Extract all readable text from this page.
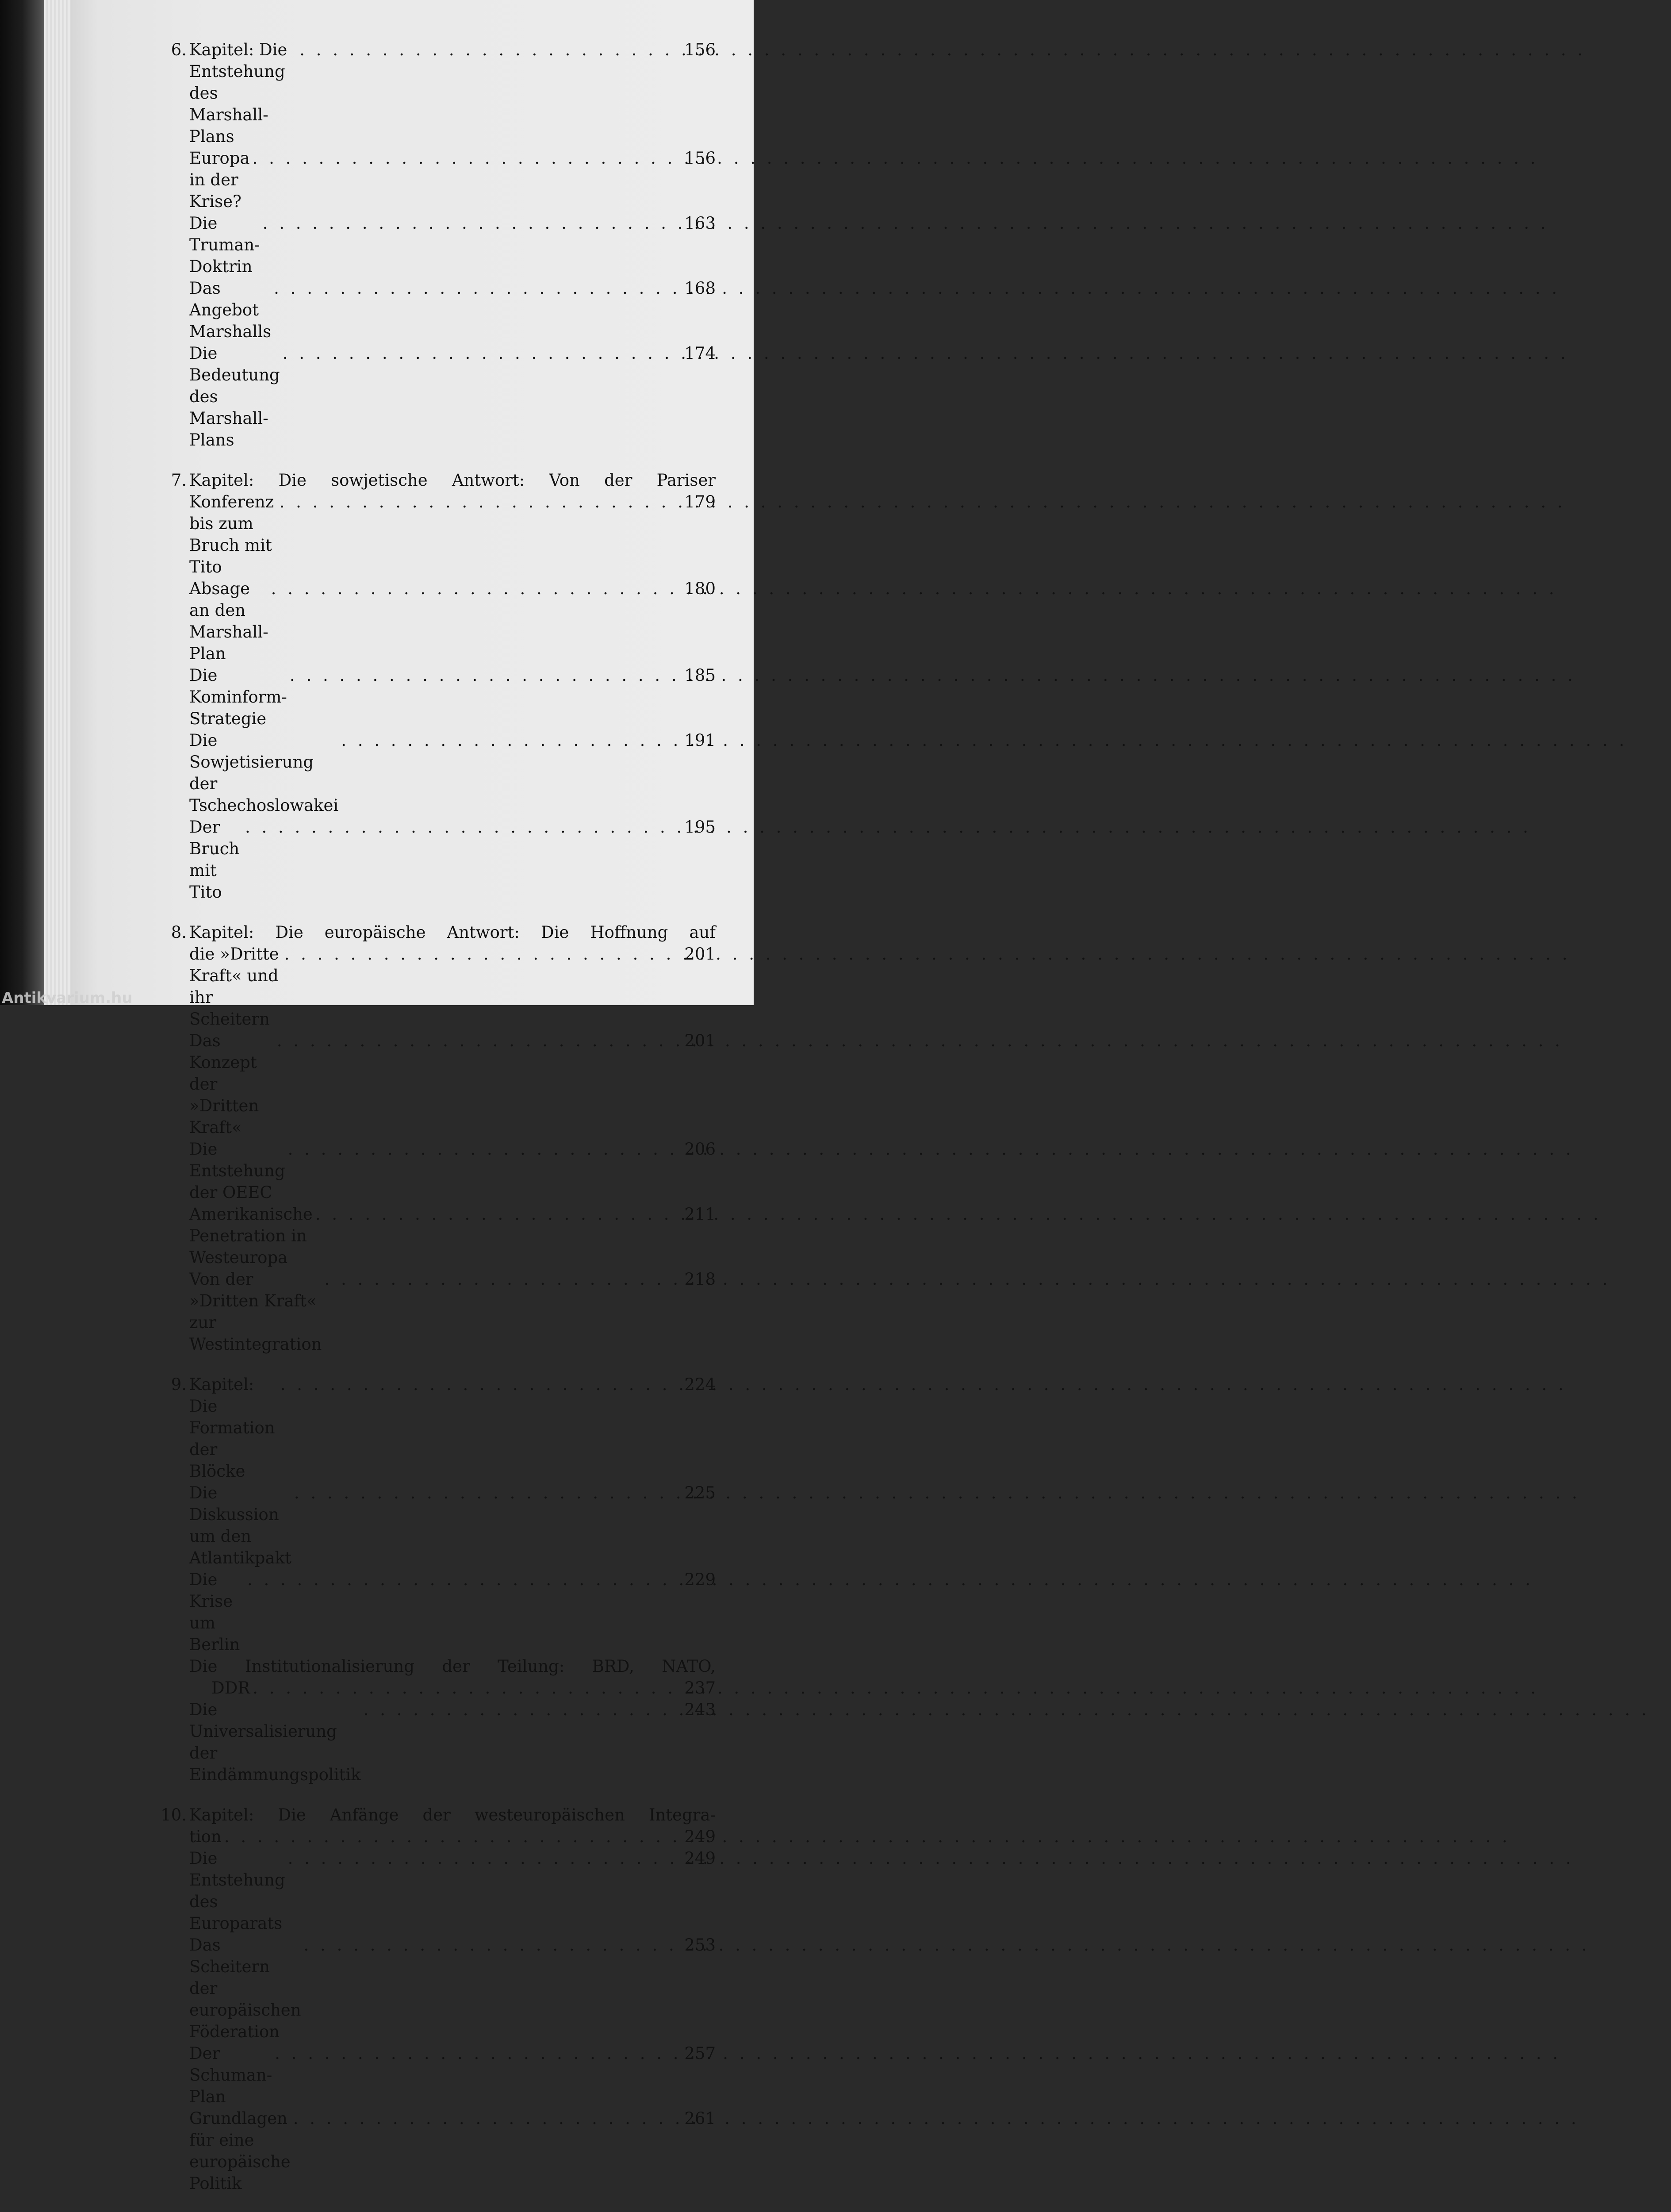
6. Kapitel: Die Entstehung des Marshall-Plans
. . .
156
Europa in der Krise?
. . .
156
Die Truman-Doktrin
. . .
163
Das Angebot Marshalls
. . .
168
Die Bedeutung des Marshall-Plans
. . .
174
7. Kapitel: Die sowjetische Antwort: Von der Pariser
Konferenz bis zum Bruch mit Tito
. . .
179
Absage an den Marshall-Plan
. . .
180
Die Kominform-Strategie
. . .
185
Die Sowjetisierung der Tschechoslowakei
. . .
191
Der Bruch mit Tito
. . .
195
8. Kapitel: Die europäische Antwort: Die Hoffnung auf
die »Dritte Kraft« und ihr Scheitern
. . .
201
Das Konzept der »Dritten Kraft«
. . .
201
Die Entstehung der OEEC
. . .
206
Amerikanische Penetration in Westeuropa
. . .
211
Von der »Dritten Kraft« zur Westintegration
. . .
218
9. Kapitel: Die Formation der Blöcke
. . .
224
Die Diskussion um den Atlantikpakt
. . .
225
Die Krise um Berlin
. . .
229
Die Institutionalisierung der Teilung: BRD, NATO,
DDR . . .	237
Die Universalisierung der Eindämmungspolitik
. . .
243
10. Kapitel: Die Anfänge der westeuropäischen Integra-
tion . . .	249
Die Entstehung des Europarats
. . .
249
Das Scheitern der europäischen Föderation
. . .
253
Der Schuman-Plan
. . .
257
Grundlagen für eine europäische Politik
. . .
261
Antikvarium.hu
